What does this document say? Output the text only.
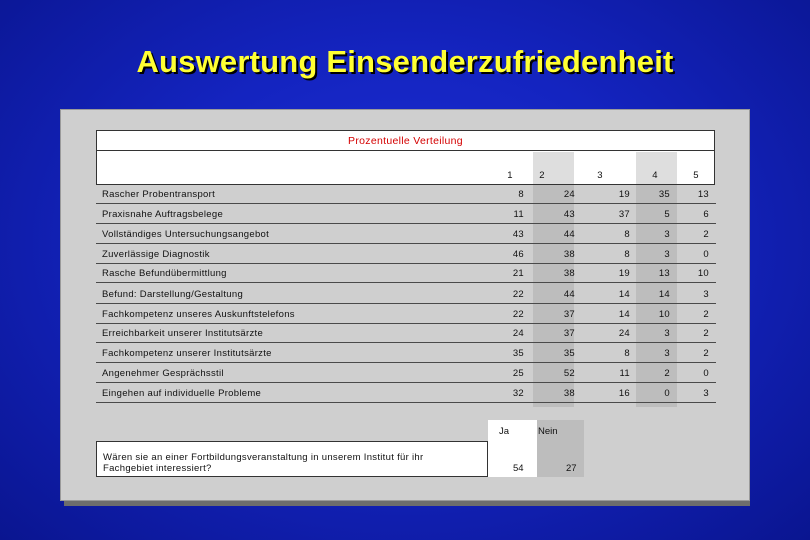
Auswertung Einsenderzufriedenheit
Prozentuelle Verteilung
1	2	3	4	5
Rascher Probentransport	8	24	19	35	13
Praxisnahe Auftragsbelege	11	43	37	5	6
Vollständiges Untersuchungsangebot	43	44	8	3	2
Zuverlässige Diagnostik	46	38	8	3	0
Rasche Befundübermittlung	21	38	19	13	10
Befund: Darstellung/Gestaltung	22	44	14	14	3
Fachkompetenz unseres Auskunftstelefons	22	37	14	10	2
Erreichbarkeit unserer Institutsärzte	24	37	24	3	2
Fachkompetenz unserer Institutsärzte	35	35	8	3	2
Angenehmer Gesprächsstil	25	52	11	2	0
Eingehen auf individuelle Probleme	32	38	16	0	3
Ja	Nein
Wären sie an einer Fortbildungsveranstaltung in unserem Institut für ihr
Fachgebiet interessiert?	54	27
